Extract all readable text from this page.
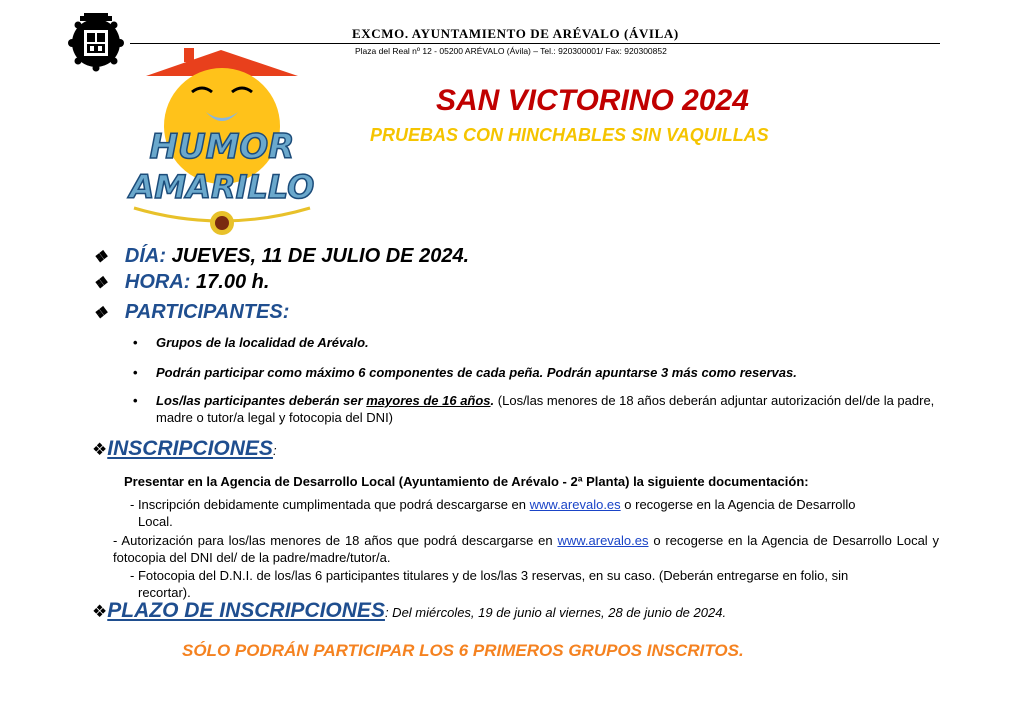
EXCMO. AYUNTAMIENTO DE ARÉVALO (ÁVILA)
Plaza del Real nº 12 - 05200 ARÉVALO (Ávila) – Tel.: 920300001/ Fax: 920300852
HUMOR
AMARILLO
SAN VICTORINO 2024
PRUEBAS CON HINCHABLES SIN VAQUILLAS
❖ DÍA: JUEVES, 11 DE JULIO DE 2024.
❖ HORA: 17.00 h.
❖ PARTICIPANTES:
• Grupos de la localidad de Arévalo.
• Podrán participar como máximo 6 componentes de cada peña. Podrán apuntarse 3 más como reservas.
• Los/las participantes deberán ser mayores de 16 años. (Los/las menores de 18 años deberán adjuntar autorización del/de la padre, madre o tutor/a legal y fotocopia del DNI)
❖INSCRIPCIONES:
Presentar en la Agencia de Desarrollo Local (Ayuntamiento de Arévalo - 2ª Planta) la siguiente documentación:
- Inscripción debidamente cumplimentada que podrá descargarse en www.arevalo.es o recogerse en la Agencia de Desarrollo
Local.
- Autorización para los/las menores de 18 años que podrá descargarse en www.arevalo.es o recogerse en la Agencia de Desarrollo Local y fotocopia del DNI del/ de la padre/madre/tutor/a.
- Fotocopia del D.N.I. de los/las 6 participantes titulares y de los/las 3 reservas, en su caso. (Deberán entregarse en folio, sin
recortar).
❖PLAZO DE INSCRIPCIONES: Del miércoles, 19 de junio al viernes, 28 de junio de 2024.
SÓLO PODRÁN PARTICIPAR LOS 6 PRIMEROS GRUPOS INSCRITOS.
